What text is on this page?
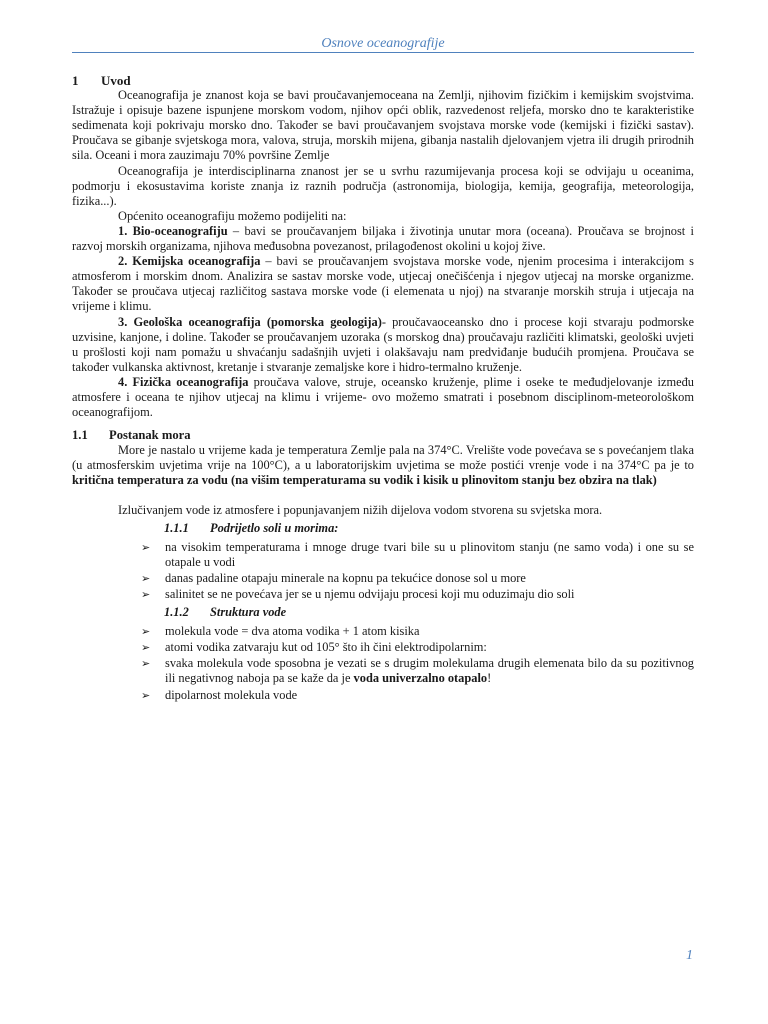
Osnove oceanografije
1	Uvod

Oceanografija je znanost koja se bavi proučavanjemoceana na Zemlji, njihovim fizičkim i kemijskim svojstvima. Istražuje i opisuje bazene ispunjene morskom vodom, njihov opći oblik, razvedenost reljefa, morsko dno te karakteristike sedimenata koji pokrivaju morsko dno. Također se bavi proučavanjem svojstava morske vode (kemijski i fizički sastav). Proučava se gibanje svjetskoga mora, valova, struja, morskih mijena, gibanja nastalih djelovanjem vjetra ili drugih prirodnih sila. Oceani i mora zauzimaju 70% površine Zemlje

Oceanografija je interdisciplinarna znanost jer se u svrhu razumijevanja procesa koji se odvijaju u oceanima, podmorju i ekosustavima koriste znanja iz raznih područja (astronomija, biologija, kemija, geografija, meteorologija, fizika...).

Općenito oceanografiju možemo podijeliti na:

1. Bio-oceanografiju – bavi se proučavanjem biljaka i životinja unutar mora (oceana). Proučava se brojnost i razvoj morskih organizama, njihova međusobna povezanost, prilagođenost okolini u kojoj žive.

2. Kemijska oceanografija – bavi se proučavanjem svojstava morske vode, njenim procesima i interakcijom s atmosferom i morskim dnom. Analizira se sastav morske vode, utjecaj onečišćenja i njegov utjecaj na morske organizme. Također se proučava utjecaj različitog sastava morske vode (i elemenata u njoj) na stvaranje morskih struja i utjecaja na vrijeme i klimu.

3. Geološka oceanografija (pomorska geologija)- proučavaoceansko dno i procese koji stvaraju podmorske uzvisine, kanjone, i doline. Također se proučavanjem uzoraka (s morskog dna) proučavaju različiti klimatski, geološki uvjeti u prošlosti koji nam pomažu u shvaćanju sadašnjih uvjeti i olakšavaju nam predviđanje budućih promjena. Proučava se također vulkanska aktivnost, kretanje i stvaranje zemaljske kore i hidro-termalno kruženje.

4. Fizička oceanografija proučava valove, struje, oceansko kruženje, plime i oseke te međudjelovanje između atmosfere i oceana te njihov utjecaj na klimu i vrijeme- ovo možemo smatrati i posebnom disciplinom-meteorološkom oceanografijom.

1.1	Postanak mora

More je nastalo u vrijeme kada je temperatura Zemlje pala na 374°C. Vrelište vode povećava se s povećanjem tlaka (u atmosferskim uvjetima vrije na 100°C), a u laboratorijskim uvjetima se može postići vrenje vode i na 374°C pa je to kritična temperatura za vodu (na višim temperaturama su vodik i kisik u plinovitom stanju bez obzira na tlak)

Izlučivanjem vode iz atmosfere i popunjavanjem nižih dijelova vodom stvorena su svjetska mora.

1.1.1	Podrijetlo soli u morima:
➢ na visokim temperaturama i mnoge druge tvari bile su u plinovitom stanju (ne samo voda) i one su se otapale u vodi
➢ danas padaline otapaju minerale na kopnu pa tekućice donose sol u more
➢ salinitet se ne povećava jer se u njemu odvijaju procesi koji mu oduzimaju dio soli
1.1.2	Struktura vode
➢ molekula vode = dva atoma vodika + 1 atom kisika
➢ atomi vodika zatvaraju kut od 105° što ih čini elektrodipolarnim:
➢ svaka molekula vode sposobna je vezati se s drugim molekulama drugih elemenata bilo da su pozitivnog ili negativnog naboja pa se kaže da je voda univerzalno otapalo!
➢ dipolarnost molekula vode
1
